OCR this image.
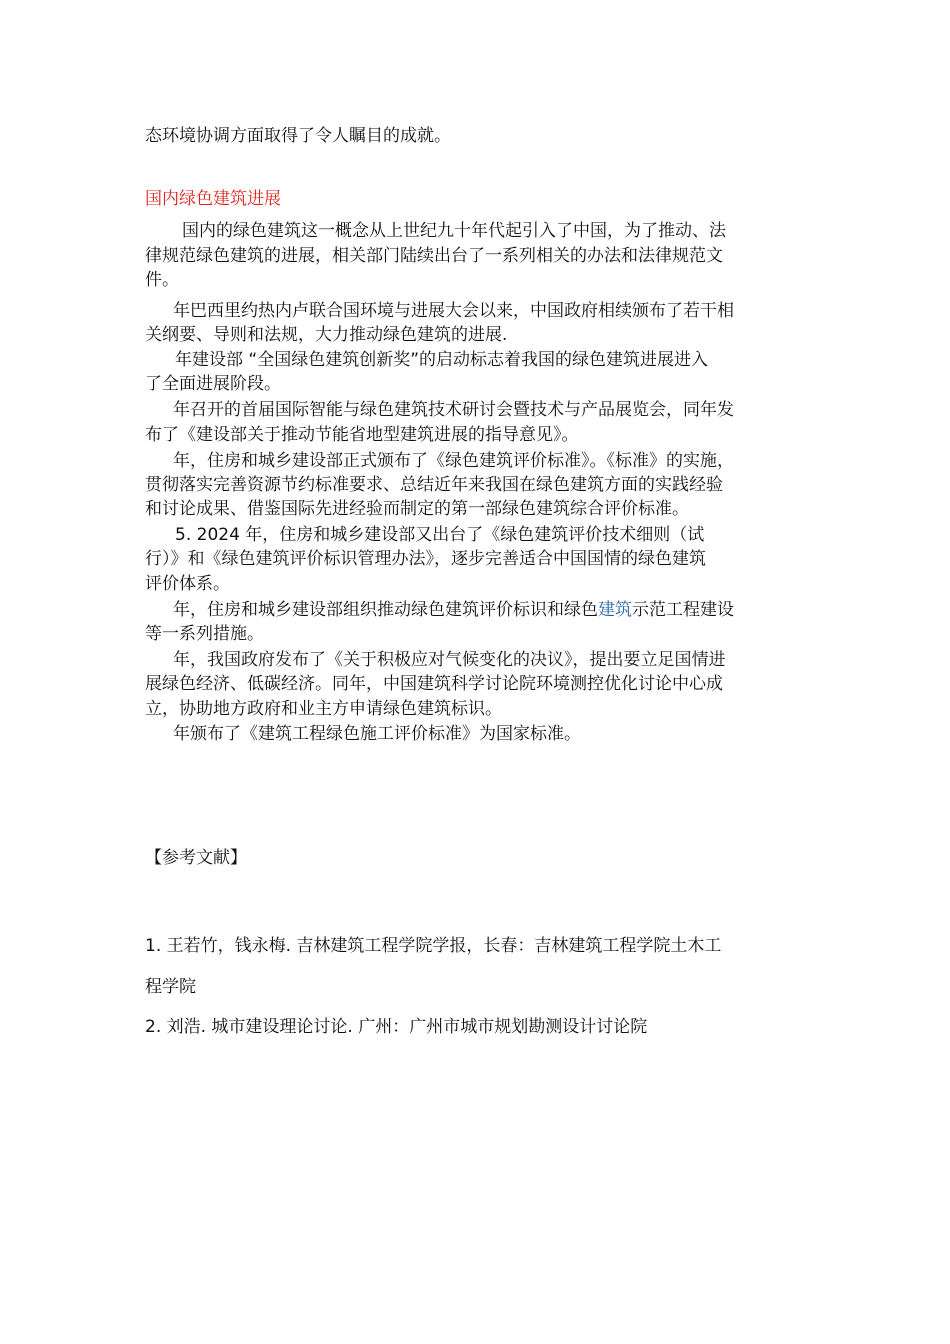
态环境协调方面取得了令人瞩目的成就。
国内绿色建筑进展
国内的绿色建筑这一概念从上世纪九十年代起引入了中国，为了推动、法
律规范绿色建筑的进展，相关部门陆续出台了一系列相关的办法和法律规范文
件。
年巴西里约热内卢联合国环境与进展大会以来，中国政府相续颁布了若干相
关纲要、导则和法规，大力推动绿色建筑的进展.
年建设部 “全国绿色建筑创新奖”的启动标志着我国的绿色建筑进展进入
了全面进展阶段。
年召开的首届国际智能与绿色建筑技术研讨会暨技术与产品展览会，同年发
布了《建设部关于推动节能省地型建筑进展的指导意见》。
年，住房和城乡建设部正式颁布了《绿色建筑评价标准》。《标准》的实施，
贯彻落实完善资源节约标准要求、总结近年来我国在绿色建筑方面的实践经验
和讨论成果、借鉴国际先进经验而制定的第一部绿色建筑综合评价标准。
5. 2024 年，住房和城乡建设部又出台了《绿色建筑评价技术细则（试
行）》和《绿色建筑评价标识管理办法》，逐步完善适合中国国情的绿色建筑
评价体系。
年，住房和城乡建设部组织推动绿色建筑评价标识和绿色建筑示范工程建设
等一系列措施。
年，我国政府发布了《关于积极应对气候变化的决议》，提出要立足国情进
展绿色经济、低碳经济。同年，中国建筑科学讨论院环境测控优化讨论中心成
立，协助地方政府和业主方申请绿色建筑标识。
年颁布了《建筑工程绿色施工评价标准》为国家标准。
【参考文献】
1. 王若竹，钱永梅. 吉林建筑工程学院学报，长春：吉林建筑工程学院土木工
程学院
2. 刘浩. 城市建设理论讨论. 广州：广州市城市规划勘测设计讨论院
